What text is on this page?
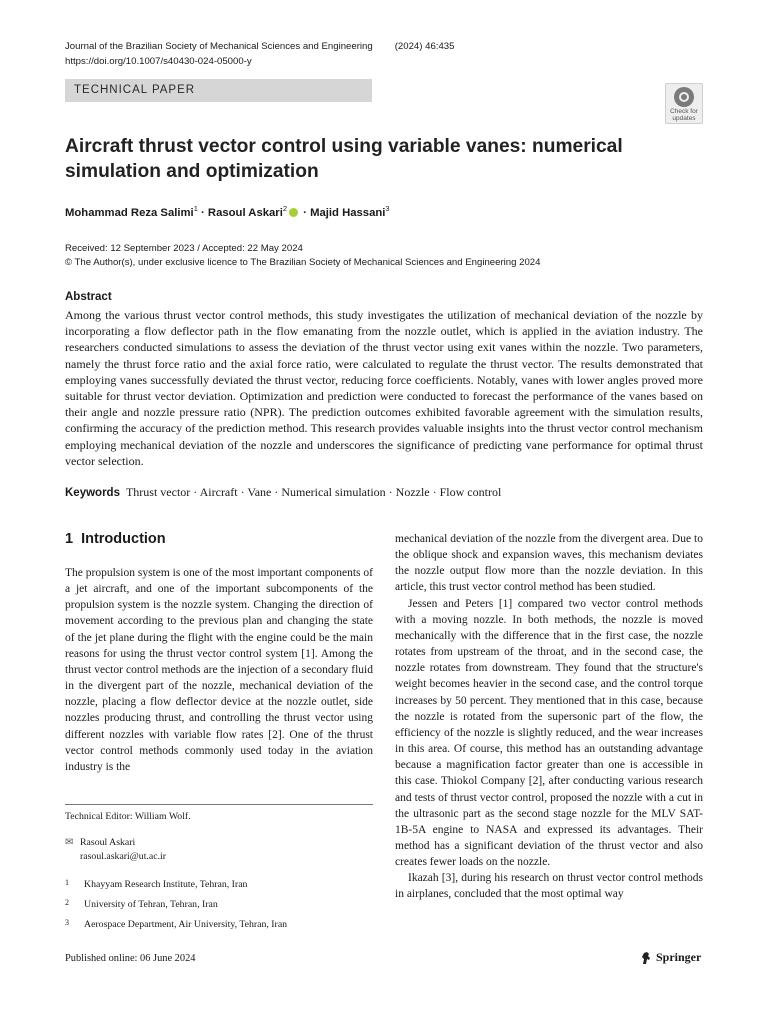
Journal of the Brazilian Society of Mechanical Sciences and Engineering (2024) 46:435
https://doi.org/10.1007/s40430-024-05000-y
TECHNICAL PAPER
Check for updates
Aircraft thrust vector control using variable vanes: numerical simulation and optimization
Mohammad Reza Salimi$^1$ · Rasoul Askari$^2$ · Majid Hassani$^3$
Received: 12 September 2023 / Accepted: 22 May 2024
© The Author(s), under exclusive licence to The Brazilian Society of Mechanical Sciences and Engineering 2024
Abstract
Among the various thrust vector control methods, this study investigates the utilization of mechanical deviation of the nozzle by incorporating a flow deflector path in the flow emanating from the nozzle outlet, which is applied in the aviation industry. The researchers conducted simulations to assess the deviation of the thrust vector using exit vanes within the nozzle. Two parameters, namely the thrust force ratio and the axial force ratio, were calculated to regulate the thrust vector. The results demonstrated that employing vanes successfully deviated the thrust vector, reducing force coefficients. Notably, vanes with lower angles proved more suitable for thrust vector deviation. Optimization and prediction were conducted to forecast the performance of the vanes based on their angle and nozzle pressure ratio (NPR). The prediction outcomes exhibited favorable agreement with the simulation results, confirming the accuracy of the prediction method. This research provides valuable insights into the thrust vector control mechanism employing mechanical deviation of the nozzle and underscores the significance of predicting vane performance for optimal thrust vector selection.
Keywords Thrust vector · Aircraft · Vane · Numerical simulation · Nozzle · Flow control
1 Introduction

The propulsion system is one of the most important components of a jet aircraft, and one of the important subcomponents of the propulsion system is the nozzle system. Changing the direction of movement according to the previous plan and changing the state of the jet plane during the flight with the engine could be the main reasons for using the thrust vector control system [1]. Among the thrust vector control methods are the injection of a secondary fluid in the divergent part of the nozzle, mechanical deviation of the nozzle, placing a flow deflector device at the nozzle outlet, side nozzles producing thrust, and controlling the thrust vector using different nozzles with variable flow rates [2]. One of the thrust vector control methods commonly used today in the aviation industry is the

mechanical deviation of the nozzle from the divergent area. Due to the oblique shock and expansion waves, this mechanism deviates the nozzle output flow more than the nozzle deviation. In this article, this trust vector control method has been studied.

Jessen and Peters [1] compared two vector control methods with a moving nozzle. In both methods, the nozzle is moved mechanically with the difference that in the first case, the nozzle rotates from upstream of the throat, and in the second case, the nozzle rotates from downstream. They found that the structure's weight becomes heavier in the second case, and the control torque increases by 50 percent. They mentioned that in this case, because the nozzle is rotated from the supersonic part of the flow, the efficiency of the nozzle is slightly reduced, and the wear increases in this area. Of course, this method has an outstanding advantage because a magnification factor greater than one is accessible in this case. Thiokol Company [2], after conducting various research and tests of thrust vector control, proposed the nozzle with a cut in the ultrasonic part as the second stage nozzle for the MLV SAT-1B-5A engine to NASA and expressed its advantages. Their method has a significant deviation of the thrust vector and also creates fewer loads on the nozzle.

Ikazah [3], during his research on thrust vector control methods in airplanes, concluded that the most optimal way

Technical Editor: William Wolf.
✉ Rasoul Askari
rasoul.askari@ut.ac.ir
1 Khayyam Research Institute, Tehran, Iran
2 University of Tehran, Tehran, Iran
3 Aerospace Department, Air University, Tehran, Iran
Published online: 06 June 2024	Springer
